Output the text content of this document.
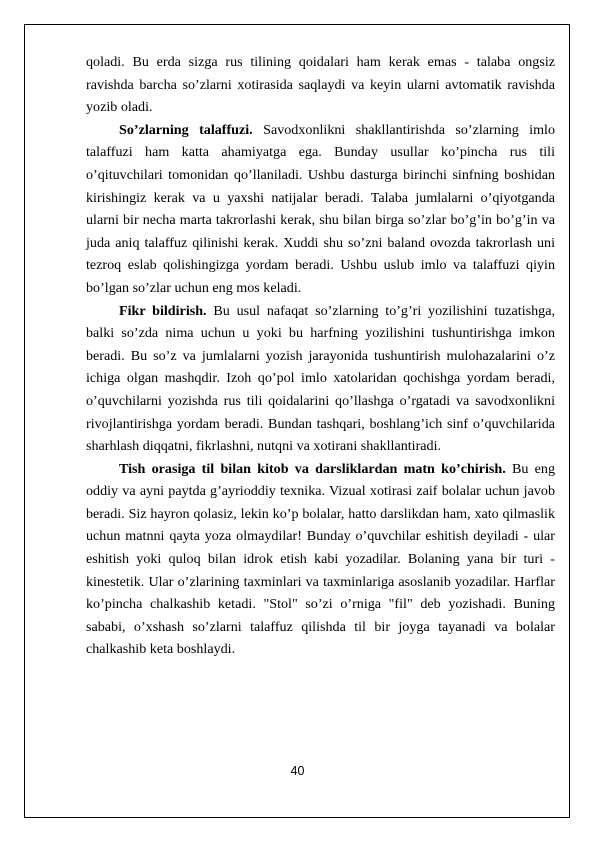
qoladi. Bu erda sizga rus tilining qoidalari ham kerak emas - talaba ongsiz ravishda barcha so’zlarni xotirasida saqlaydi va keyin ularni avtomatik ravishda yozib oladi.

So’zlarning talaffuzi. Savodxonlikni shakllantirishda so’zlarning imlo talaffuzi ham katta ahamiyatga ega. Bunday usullar ko’pincha rus tili o’qituvchilari tomonidan qo’llaniladi. Ushbu dasturga birinchi sinfning boshidan kirishingiz kerak va u yaxshi natijalar beradi. Talaba jumlalarni o’qiyotganda ularni bir necha marta takrorlashi kerak, shu bilan birga so’zlar bo’g’in bo’g’in va juda aniq talaffuz qilinishi kerak. Xuddi shu so’zni baland ovozda takrorlash uni tezroq eslab qolishingizga yordam beradi. Ushbu uslub imlo va talaffuzi qiyin bo’lgan so’zlar uchun eng mos keladi.

Fikr bildirish. Bu usul nafaqat so’zlarning to’g’ri yozilishini tuzatishga, balki so’zda nima uchun u yoki bu harfning yozilishini tushuntirishga imkon beradi. Bu so’z va jumlalarni yozish jarayonida tushuntirish mulohazalarini o’z ichiga olgan mashqdir. Izoh qo’pol imlo xatolaridan qochishga yordam beradi, o’quvchilarni yozishda rus tili qoidalarini qo’llashga o’rgatadi va savodxonlikni rivojlantirishga yordam beradi. Bundan tashqari, boshlang’ich sinf o’quvchilarida sharhlash diqqatni, fikrlashni, nutqni va xotirani shakllantiradi.

Tish orasiga til bilan kitob va darsliklardan matn ko’chirish. Bu eng oddiy va ayni paytda g’ayrioddiy texnika. Vizual xotirasi zaif bolalar uchun javob beradi. Siz hayron qolasiz, lekin ko’p bolalar, hatto darslikdan ham, xato qilmaslik uchun matnni qayta yoza olmaydilar! Bunday o’quvchilar eshitish deyiladi - ular eshitish yoki quloq bilan idrok etish kabi yozadilar. Bolaning yana bir turi - kinestetik. Ular o’zlarining taxminlari va taxminlariga asoslanib yozadilar. Harflar ko’pincha chalkashib ketadi. "Stol" so’zi o’rniga "fil" deb yozishadi. Buning sababi, o’xshash so’zlarni talaffuz qilishda til bir joyga tayanadi va bolalar chalkashib keta boshlaydi.

40
